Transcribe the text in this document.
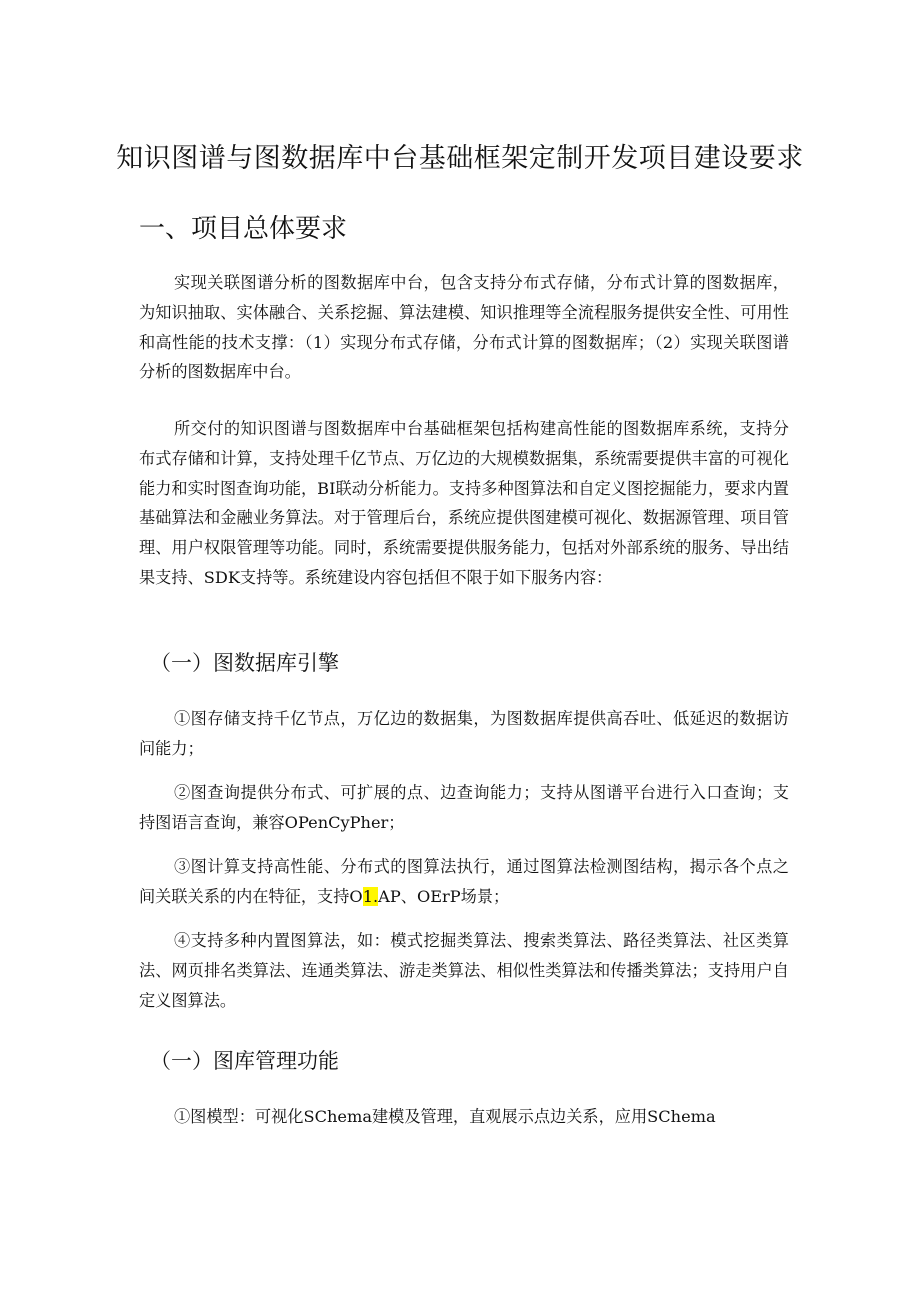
知识图谱与图数据库中台基础框架定制开发项目建设要求
一、项目总体要求

实现关联图谱分析的图数据库中台，包含支持分布式存储，分布式计算的图数据库，为知识抽取、实体融合、关系挖掘、算法建模、知识推理等全流程服务提供安全性、可用性和高性能的技术支撑：（1）实现分布式存储，分布式计算的图数据库；（2）实现关联图谱分析的图数据库中台。

所交付的知识图谱与图数据库中台基础框架包括构建高性能的图数据库系统，支持分布式存储和计算，支持处理千亿节点、万亿边的大规模数据集，系统需要提供丰富的可视化能力和实时图查询功能，BI联动分析能力。支持多种图算法和自定义图挖掘能力，要求内置基础算法和金融业务算法。对于管理后台，系统应提供图建模可视化、数据源管理、项目管理、用户权限管理等功能。同时，系统需要提供服务能力，包括对外部系统的服务、导出结果支持、SDK支持等。系统建设内容包括但不限于如下服务内容：

（一）图数据库引擎

①图存储支持千亿节点，万亿边的数据集，为图数据库提供高吞吐、低延迟的数据访问能力；

②图查询提供分布式、可扩展的点、边查询能力；支持从图谱平台进行入口查询；支持图语言查询，兼容OPenCyPher；

③图计算支持高性能、分布式的图算法执行，通过图算法检测图结构，揭示各个点之间关联关系的内在特征，支持O1.AP、OErP场景；

④支持多种内置图算法，如：模式挖掘类算法、搜索类算法、路径类算法、社区类算法、网页排名类算法、连通类算法、游走类算法、相似性类算法和传播类算法；支持用户自定义图算法。

（一）图库管理功能

①图模型：可视化SChema建模及管理，直观展示点边关系，应用SChema
